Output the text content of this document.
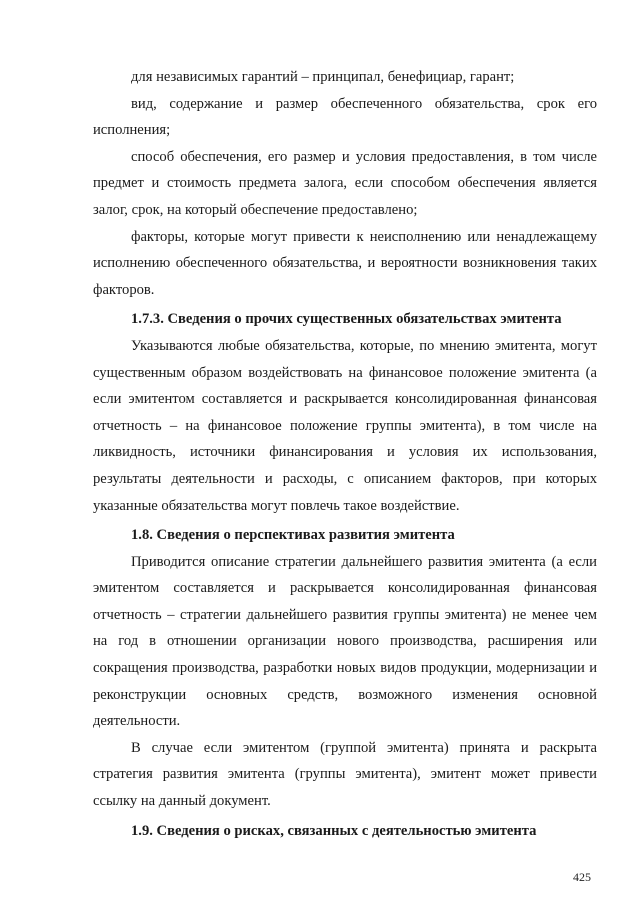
для независимых гарантий – принципал, бенефициар, гарант;

вид, содержание и размер обеспеченного обязательства, срок его исполнения;

способ обеспечения, его размер и условия предоставления, в том числе предмет и стоимость предмета залога, если способом обеспечения является залог, срок, на который обеспечение предоставлено;

факторы, которые могут привести к неисполнению или ненадлежащему исполнению обеспеченного обязательства, и вероятности возникновения таких факторов.

1.7.3. Сведения о прочих существенных обязательствах эмитента

Указываются любые обязательства, которые, по мнению эмитента, могут существенным образом воздействовать на финансовое положение эмитента (а если эмитентом составляется и раскрывается консолидированная финансовая отчетность – на финансовое положение группы эмитента), в том числе на ликвидность, источники финансирования и условия их использования, результаты деятельности и расходы, с описанием факторов, при которых указанные обязательства могут повлечь такое воздействие.

1.8. Сведения о перспективах развития эмитента

Приводится описание стратегии дальнейшего развития эмитента (а если эмитентом составляется и раскрывается консолидированная финансовая отчетность – стратегии дальнейшего развития группы эмитента) не менее чем на год в отношении организации нового производства, расширения или сокращения производства, разработки новых видов продукции, модернизации и реконструкции основных средств, возможного изменения основной деятельности.

В случае если эмитентом (группой эмитента) принята и раскрыта стратегия развития эмитента (группы эмитента), эмитент может привести ссылку на данный документ.

1.9. Сведения о рисках, связанных с деятельностью эмитента
425
